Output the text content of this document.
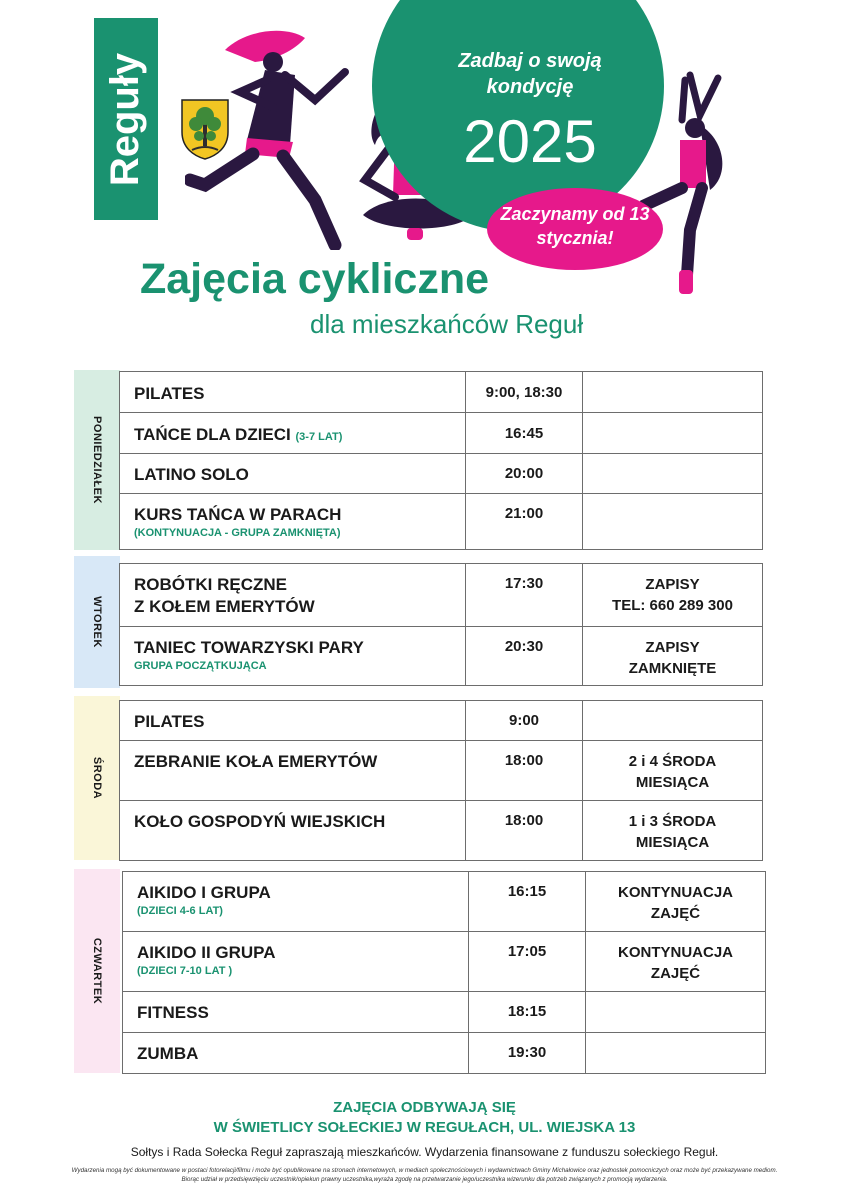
Reguły	Zadbaj o swoją kondycję
2025
Zaczynamy od 13 stycznia!
Zajęcia cykliczne
dla mieszkańców Reguł
PONIEDZIAŁEK
PILATES	9:00, 18:30	

TAŃCE DLA DZIECI (3-7 LAT)	16:45	

LATINO SOLO	20:00	

KURS TAŃCA W PARACH
(KONTYNUACJA - GRUPA ZAMKNIĘTA)	21:00	

WTOREK
ROBÓTKI RĘCZNE
Z KOŁEM EMERYTÓW	17:30	ZAPISY
TEL: 660 289 300

TANIEC TOWARZYSKI PARY
GRUPA POCZĄTKUJĄCA	20:30	ZAPISY
ZAMKNIĘTE
ŚRODA
PILATES	9:00	

ZEBRANIE KOŁA EMERYTÓW	18:00	2 i 4 ŚRODA
MIESIĄCA

KOŁO GOSPODYŃ WIEJSKICH	18:00	1 i 3 ŚRODA
MIESIĄCA
CZWARTEK
AIKIDO I GRUPA
(DZIECI 4-6 LAT)	16:15	KONTYNUACJA
ZAJĘĆ

AIKIDO II GRUPA
(DZIECI 7-10 LAT )	17:05	KONTYNUACJA
ZAJĘĆ

FITNESS	18:15	

ZUMBA	19:30	

ZAJĘCIA ODBYWAJĄ SIĘ
W ŚWIETLICY SOŁECKIEJ W REGUŁACH, UL. WIEJSKA 13
Sołtys i Rada Sołecka Reguł zapraszają mieszkańców. Wydarzenia finansowane z funduszu sołeckiego Reguł.
Wydarzenia mogą być dokumentowane w postaci fotorelacji/filmu i może być opublikowane na stronach internetowych, w mediach społecznościowych i wydawnictwach Gminy Michałowice oraz jednostek pomocniczych oraz może być przekazywane mediom.
Biorąc udział w przedsięwzięciu uczestnik/opiekun prawny uczestnika,wyraża zgodę na przetwarzanie jego/uczestnika wizerunku dla potrzeb związanych z promocją wydarzenia.
